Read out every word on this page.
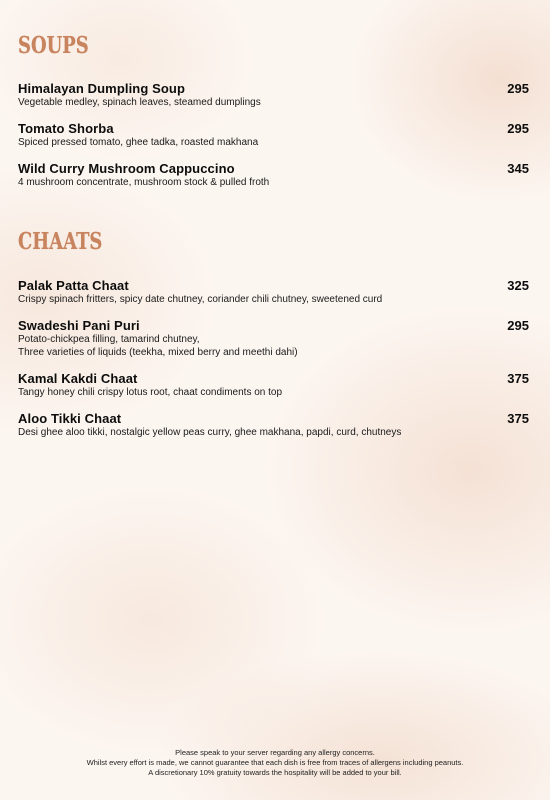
SOUPS
Himalayan Dumpling Soup
Vegetable medley, spinach leaves, steamed dumplings
295
Tomato Shorba
Spiced pressed tomato, ghee tadka, roasted makhana
295
Wild Curry Mushroom Cappuccino
4 mushroom concentrate, mushroom stock & pulled froth
345
CHAATS
Palak Patta Chaat
Crispy spinach fritters, spicy date chutney, coriander chili chutney, sweetened curd
325
Swadeshi Pani Puri
Potato-chickpea filling, tamarind chutney,
Three varieties of liquids (teekha, mixed berry and meethi dahi)
295
Kamal Kakdi Chaat
Tangy honey chili crispy lotus root, chaat condiments on top
375
Aloo Tikki Chaat
Desi ghee aloo tikki, nostalgic yellow peas curry, ghee makhana, papdi, curd, chutneys
375
Please speak to your server regarding any allergy concerns.
Whilst every effort is made, we cannot guarantee that each dish is free from traces of allergens including peanuts.
A discretionary 10% gratuity towards the hospitality will be added to your bill.
